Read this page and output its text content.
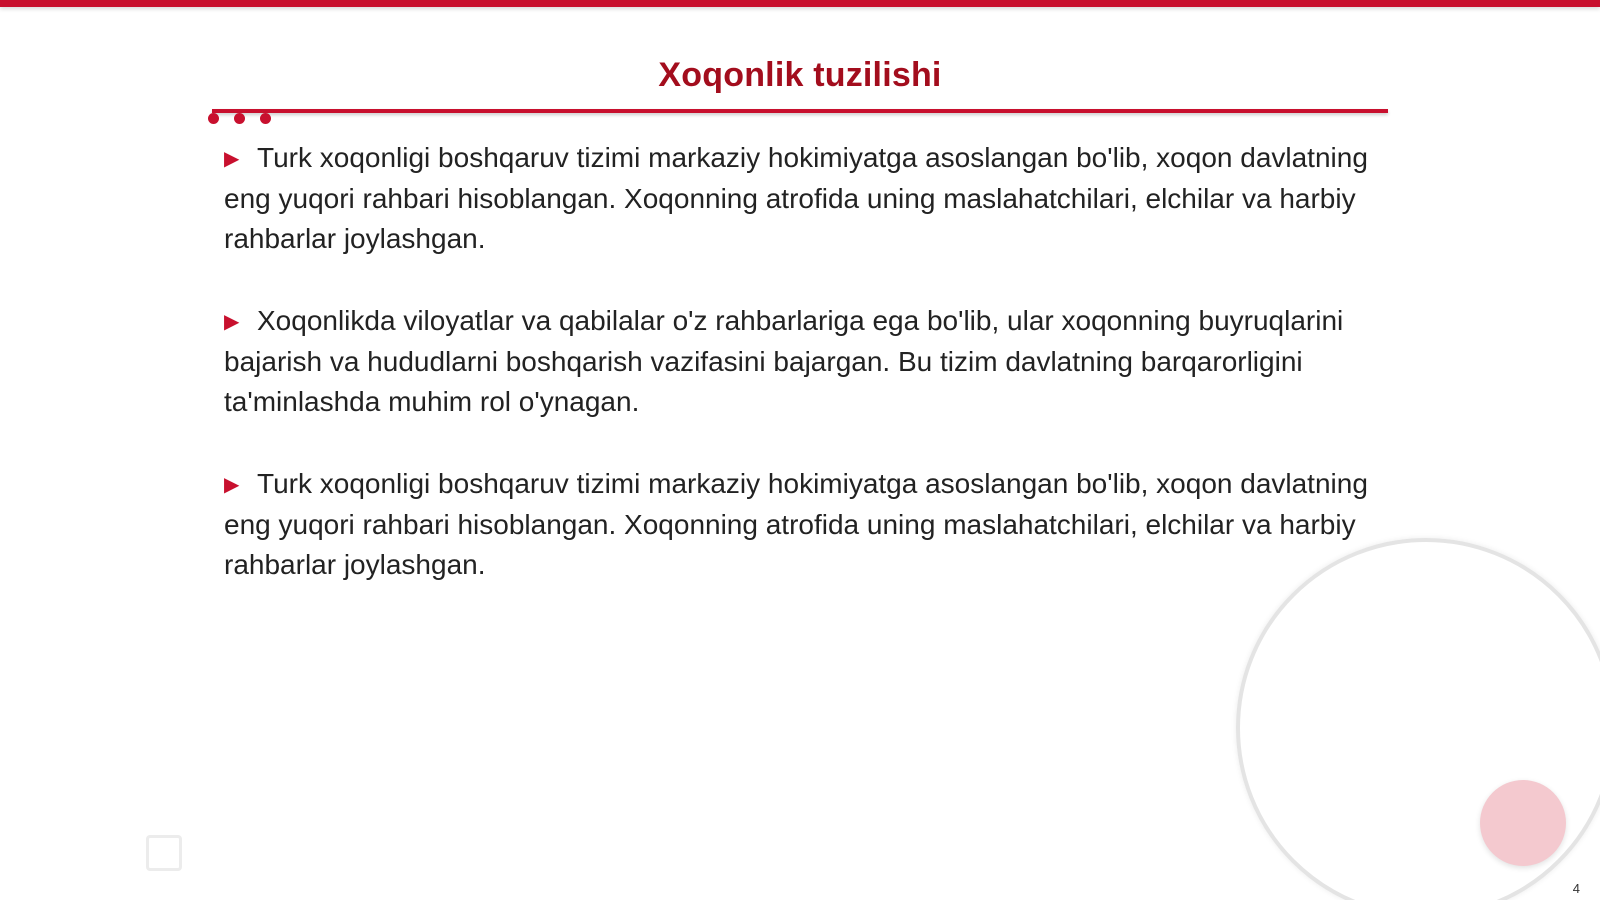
Xoqonlik tuzilishi

▶ Turk xoqonligi boshqaruv tizimi markaziy hokimiyatga asoslangan bo'lib, xoqon davlatning eng yuqori rahbari hisoblangan. Xoqonning atrofida uning maslahatchilari, elchilar va harbiy rahbarlar joylashgan.

▶ Xoqonlikda viloyatlar va qabilalar o'z rahbarlariga ega bo'lib, ular xoqonning buyruqlarini bajarish va hududlarni boshqarish vazifasini bajargan. Bu tizim davlatning barqarorligini ta'minlashda muhim rol o'ynagan.

▶ Turk xoqonligi boshqaruv tizimi markaziy hokimiyatga asoslangan bo'lib, xoqon davlatning eng yuqori rahbari hisoblangan. Xoqonning atrofida uning maslahatchilari, elchilar va harbiy rahbarlar joylashgan.

4
